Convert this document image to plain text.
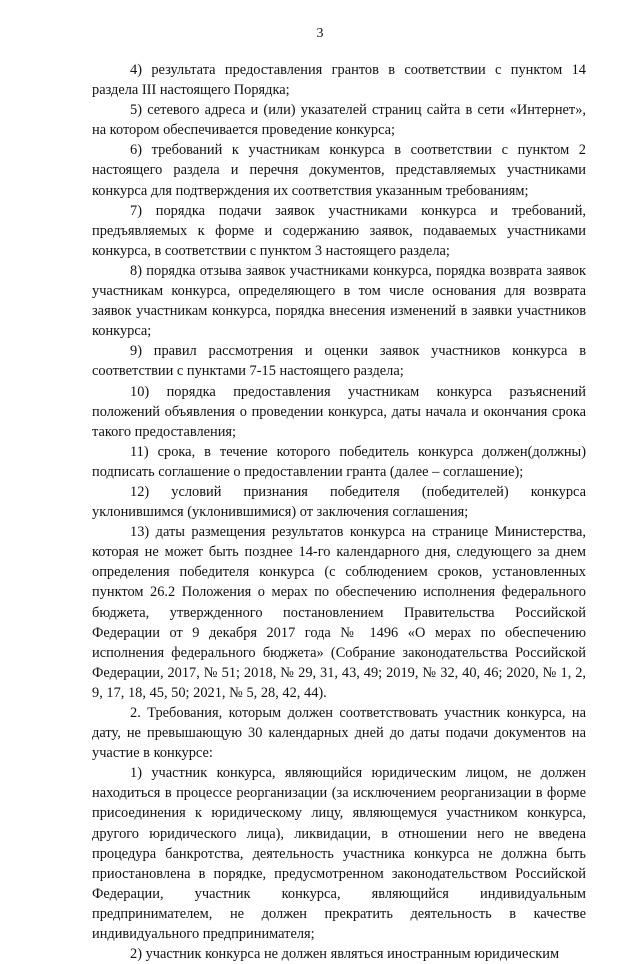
3

4) результата предоставления грантов в соответствии с пунктом 14 раздела III настоящего Порядка;

5) сетевого адреса и (или) указателей страниц сайта в сети «Интернет», на котором обеспечивается проведение конкурса;

6) требований к участникам конкурса в соответствии с пунктом 2 настоящего раздела и перечня документов, представляемых участниками конкурса для подтверждения их соответствия указанным требованиям;

7) порядка подачи заявок участниками конкурса и требований, предъявляемых к форме и содержанию заявок, подаваемых участниками конкурса, в соответствии с пунктом 3 настоящего раздела;

8) порядка отзыва заявок участниками конкурса, порядка возврата заявок участникам конкурса, определяющего в том числе основания для возврата заявок участникам конкурса, порядка внесения изменений в заявки участников конкурса;

9) правил рассмотрения и оценки заявок участников конкурса в соответствии с пунктами 7-15 настоящего раздела;

10) порядка предоставления участникам конкурса разъяснений положений объявления о проведении конкурса, даты начала и окончания срока такого предоставления;

11) срока, в течение которого победитель конкурса должен(должны) подписать соглашение о предоставлении гранта (далее – соглашение);

12) условий признания победителя (победителей) конкурса уклонившимся (уклонившимися) от заключения соглашения;

13) даты размещения результатов конкурса на странице Министерства, которая не может быть позднее 14-го календарного дня, следующего за днем определения победителя конкурса (с соблюдением сроков, установленных пунктом 26.2 Положения о мерах по обеспечению исполнения федерального бюджета, утвержденного постановлением Правительства Российской Федерации от 9 декабря 2017 года № 1496 «О мерах по обеспечению исполнения федерального бюджета» (Собрание законодательства Российской Федерации, 2017, № 51; 2018, № 29, 31, 43, 49; 2019, № 32, 40, 46; 2020, № 1, 2, 9, 17, 18, 45, 50; 2021, № 5, 28, 42, 44).

2. Требования, которым должен соответствовать участник конкурса, на дату, не превышающую 30 календарных дней до даты подачи документов на участие в конкурсе:

1) участник конкурса, являющийся юридическим лицом, не должен находиться в процессе реорганизации (за исключением реорганизации в форме присоединения к юридическому лицу, являющемуся участником конкурса, другого юридического лица), ликвидации, в отношении него не введена процедура банкротства, деятельность участника конкурса не должна быть приостановлена в порядке, предусмотренном законодательством Российской Федерации, участник конкурса, являющийся индивидуальным предпринимателем, не должен прекратить деятельность в качестве индивидуального предпринимателя;

2) участник конкурса не должен являться иностранным юридическим
